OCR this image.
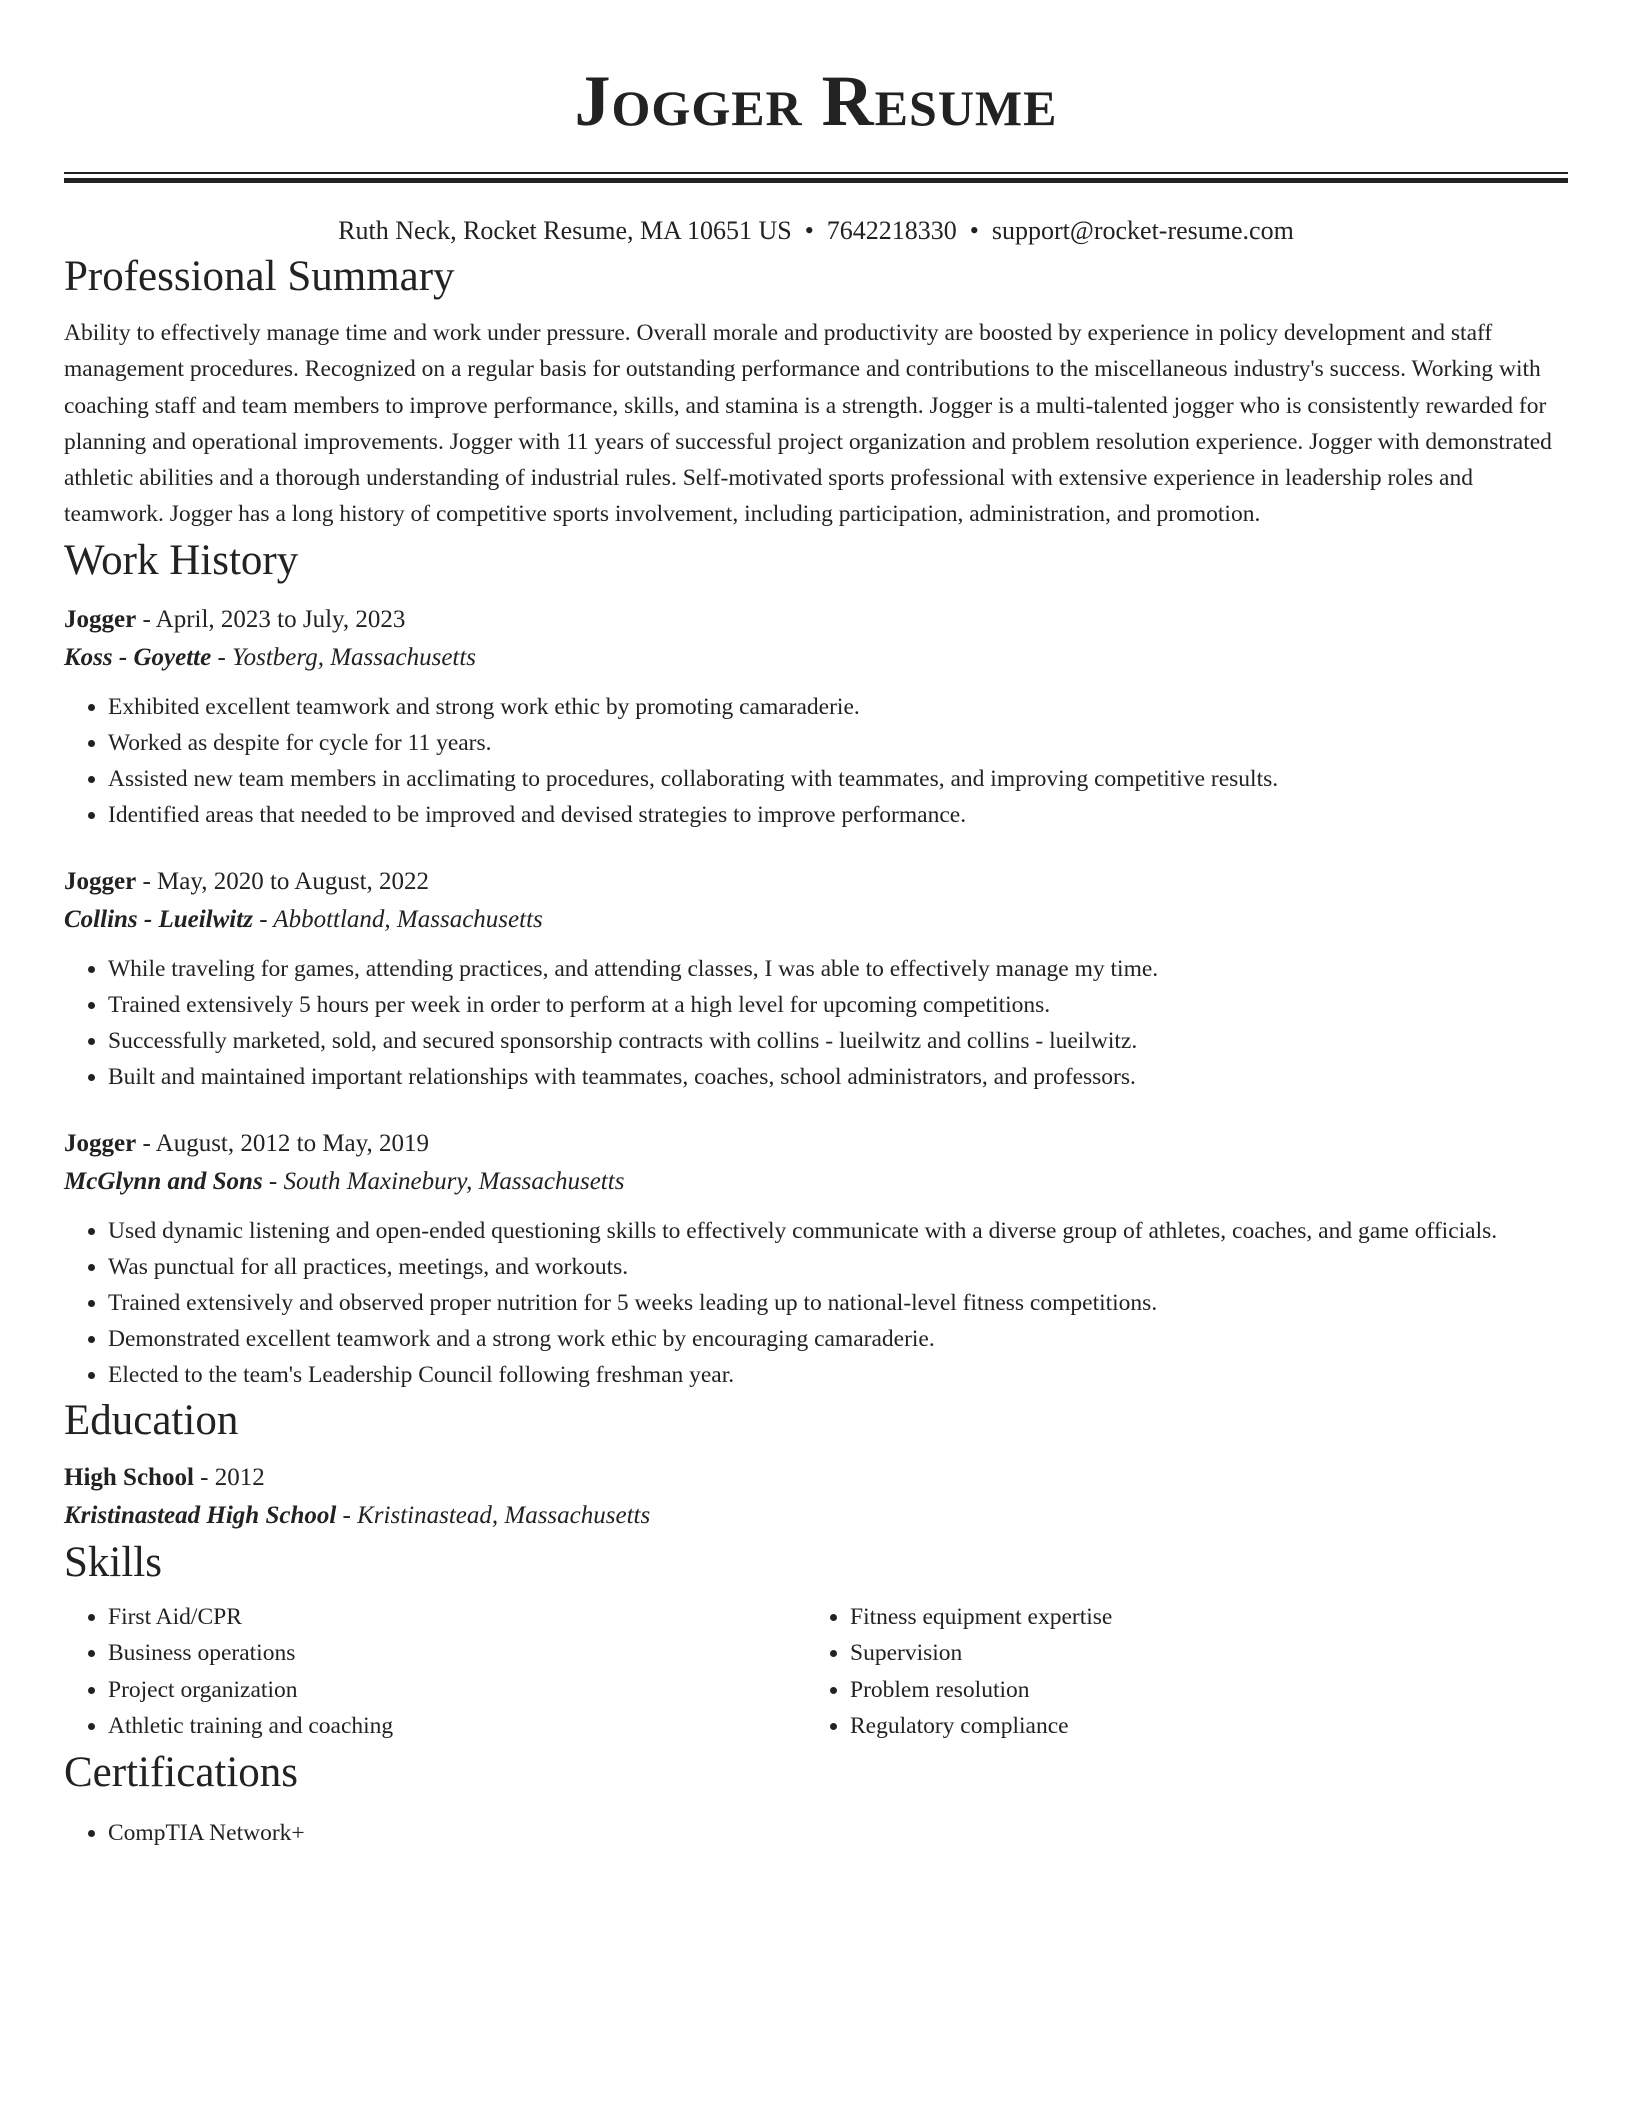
Jogger Resume
Ruth Neck, Rocket Resume, MA 10651 US • 7642218330 • support@rocket-resume.com
Professional Summary

Ability to effectively manage time and work under pressure. Overall morale and productivity are boosted by experience in policy development and staff management procedures. Recognized on a regular basis for outstanding performance and contributions to the miscellaneous industry's success. Working with coaching staff and team members to improve performance, skills, and stamina is a strength. Jogger is a multi-talented jogger who is consistently rewarded for planning and operational improvements. Jogger with 11 years of successful project organization and problem resolution experience. Jogger with demonstrated athletic abilities and a thorough understanding of industrial rules. Self-motivated sports professional with extensive experience in leadership roles and teamwork. Jogger has a long history of competitive sports involvement, including participation, administration, and promotion.

Work History
Jogger - April, 2023 to July, 2023
Koss - Goyette - Yostberg, Massachusetts
• Exhibited excellent teamwork and strong work ethic by promoting camaraderie.
• Worked as despite for cycle for 11 years.
• Assisted new team members in acclimating to procedures, collaborating with teammates, and improving competitive results.
• Identified areas that needed to be improved and devised strategies to improve performance.
Jogger - May, 2020 to August, 2022
Collins - Lueilwitz - Abbottland, Massachusetts
• While traveling for games, attending practices, and attending classes, I was able to effectively manage my time.
• Trained extensively 5 hours per week in order to perform at a high level for upcoming competitions.
• Successfully marketed, sold, and secured sponsorship contracts with collins - lueilwitz and collins - lueilwitz.
• Built and maintained important relationships with teammates, coaches, school administrators, and professors.
Jogger - August, 2012 to May, 2019
McGlynn and Sons - South Maxinebury, Massachusetts
• Used dynamic listening and open-ended questioning skills to effectively communicate with a diverse group of athletes, coaches, and game officials.
• Was punctual for all practices, meetings, and workouts.
• Trained extensively and observed proper nutrition for 5 weeks leading up to national-level fitness competitions.
• Demonstrated excellent teamwork and a strong work ethic by encouraging camaraderie.
• Elected to the team's Leadership Council following freshman year.
Education
High School - 2012
Kristinastead High School - Kristinastead, Massachusetts
Skills
• First Aid/CPR
• Business operations
• Project organization
• Athletic training and coaching
• Fitness equipment expertise
• Supervision
• Problem resolution
• Regulatory compliance
Certifications
• CompTIA Network+
